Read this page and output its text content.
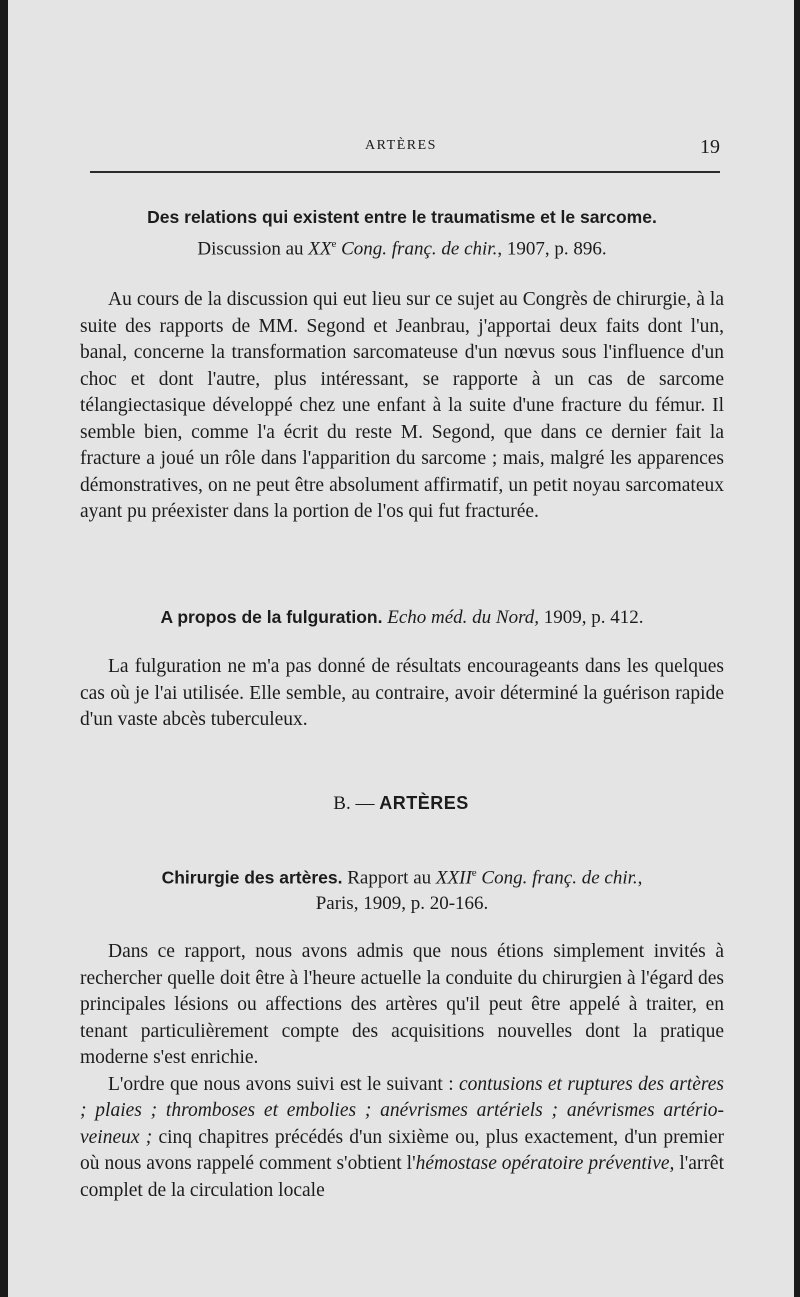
ARTÈRES	19
Des relations qui existent entre le traumatisme et le sarcome.
Discussion au XXe Cong. franç. de chir., 1907, p. 896.

Au cours de la discussion qui eut lieu sur ce sujet au Congrès de chirurgie, à la suite des rapports de MM. Segond et Jeanbrau, j'apportai deux faits dont l'un, banal, concerne la transformation sarcomateuse d'un nœvus sous l'influence d'un choc et dont l'autre, plus intéressant, se rapporte à un cas de sarcome télangiectasique développé chez une enfant à la suite d'une fracture du fémur. Il semble bien, comme l'a écrit du reste M. Segond, que dans ce dernier fait la fracture a joué un rôle dans l'apparition du sarcome ; mais, malgré les apparences démonstratives, on ne peut être absolument affirmatif, un petit noyau sarcomateux ayant pu préexister dans la portion de l'os qui fut fracturée.

A propos de la fulguration. Echo méd. du Nord, 1909, p. 412.

La fulguration ne m'a pas donné de résultats encourageants dans les quelques cas où je l'ai utilisée. Elle semble, au contraire, avoir déterminé la guérison rapide d'un vaste abcès tuberculeux.

B. — ARTÈRES
Chirurgie des artères. Rapport au XXIIe Cong. franç. de chir.,
Paris, 1909, p. 20-166.

Dans ce rapport, nous avons admis que nous étions simplement invités à rechercher quelle doit être à l'heure actuelle la conduite du chirurgien à l'égard des principales lésions ou affections des artères qu'il peut être appelé à traiter, en tenant particulièrement compte des acquisitions nouvelles dont la pratique moderne s'est enrichie.

L'ordre que nous avons suivi est le suivant : contusions et ruptures des artères ; plaies ; thromboses et embolies ; anévrismes artériels ; anévrismes artério-veineux ; cinq chapitres précédés d'un sixième ou, plus exactement, d'un premier où nous avons rappelé comment s'obtient l'hémostase opératoire préventive, l'arrêt complet de la circulation locale
